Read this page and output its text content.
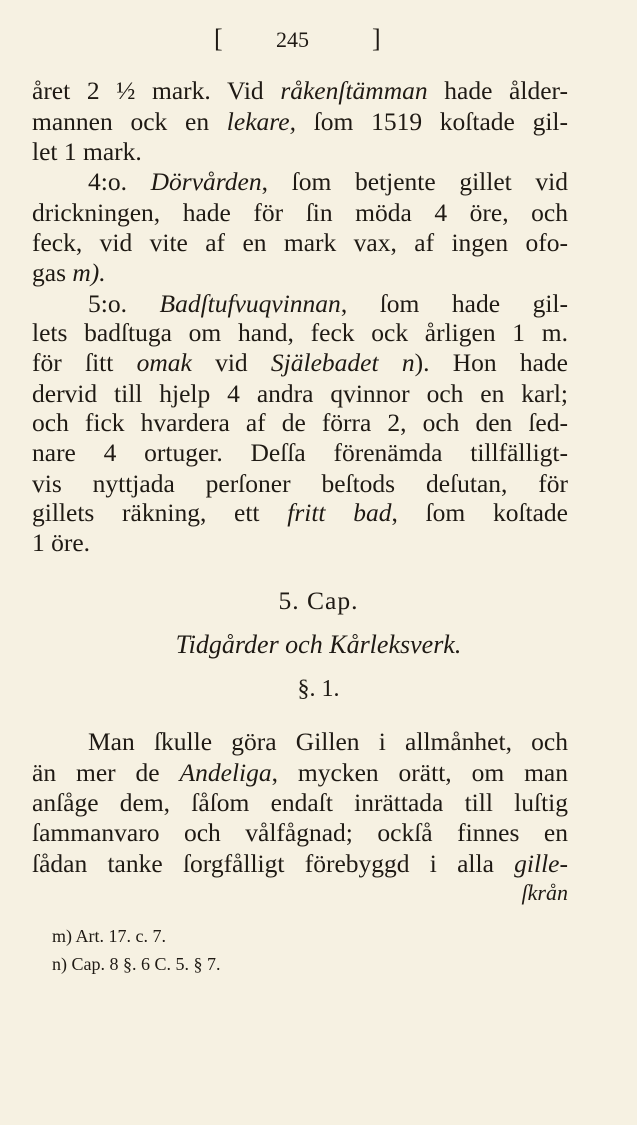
[ 245 ]
året 2 ½ mark. Vid råkenſtämman hade ålder-
mannen ock en lekare, ſom 1519 koſtade gil-
let 1 mark.
4:o. Dörvården, ſom betjente gillet vid
drickningen, hade för ſin möda 4 öre, och
feck, vid vite af en mark vax, af ingen ofo-
gas m).
5:o. Badſtufvuqvinnan, ſom hade gil-
lets badſtuga om hand, feck ock årligen 1 m.
för ſitt omak vid Själebadet n). Hon hade
dervid till hjelp 4 andra qvinnor och en karl;
och fick hvardera af de förra 2, och den ſed-
nare 4 ortuger. Deſſa förenämda tillfälligt-
vis nyttjada perſoner beſtods deſutan, för
gillets räkning, ett fritt bad, ſom koſtade
1 öre.
5. Cap.
Tidgårder och Kårleksverk.
§. 1.
Man ſkulle göra Gillen i allmånhet, och
än mer de Andeliga, mycken orätt, om man
anſåge dem, ſåſom endaſt inrättada till luſtig
ſammanvaro och vålfågnad; ockſå finnes en
ſådan tanke ſorgfålligt förebyggd i alla gille-
ſkrån
m) Art. 17. c. 7.
n) Cap. 8 §. 6 C. 5. § 7.
